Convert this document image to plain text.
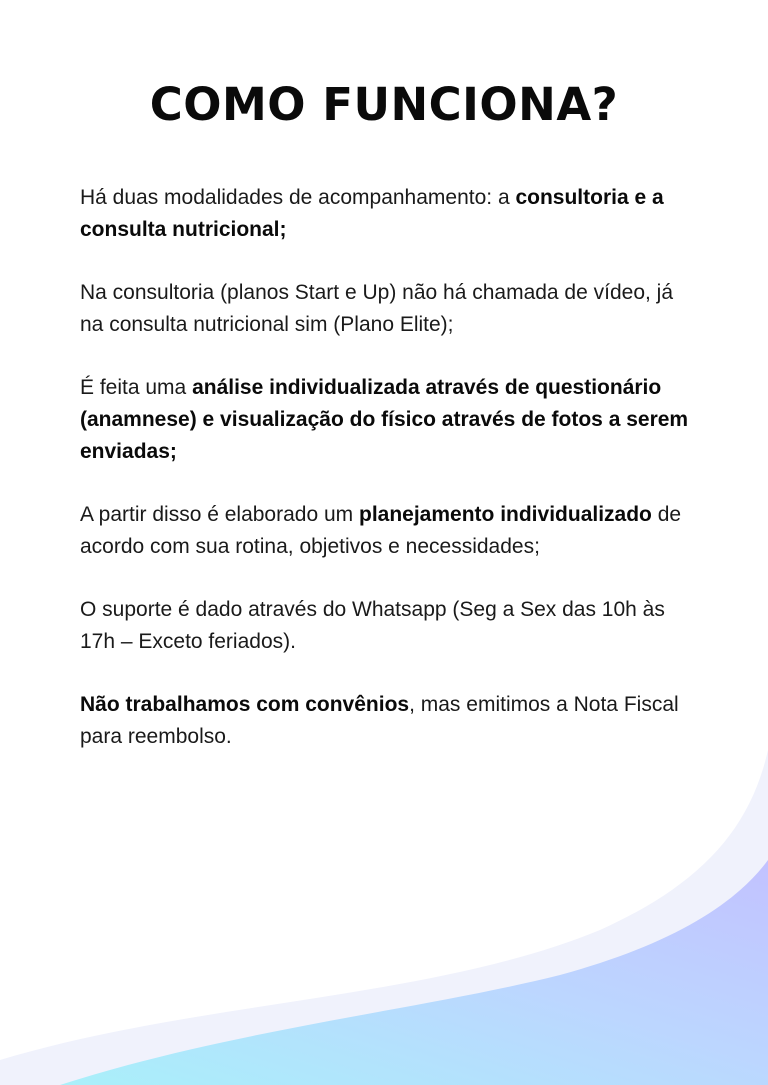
COMO FUNCIONA?

Há duas modalidades de acompanhamento: a consultoria e a consulta nutricional;

Na consultoria (planos Start e Up) não há chamada de vídeo, já na consulta nutricional sim (Plano Elite);

É feita uma análise individualizada através de questionário (anamnese) e visualização do físico através de fotos a serem enviadas;

A partir disso é elaborado um planejamento individualizado de acordo com sua rotina, objetivos e necessidades;

O suporte é dado através do Whatsapp (Seg a Sex das 10h às 17h – Exceto feriados).

Não trabalhamos com convênios, mas emitimos a Nota Fiscal para reembolso.
